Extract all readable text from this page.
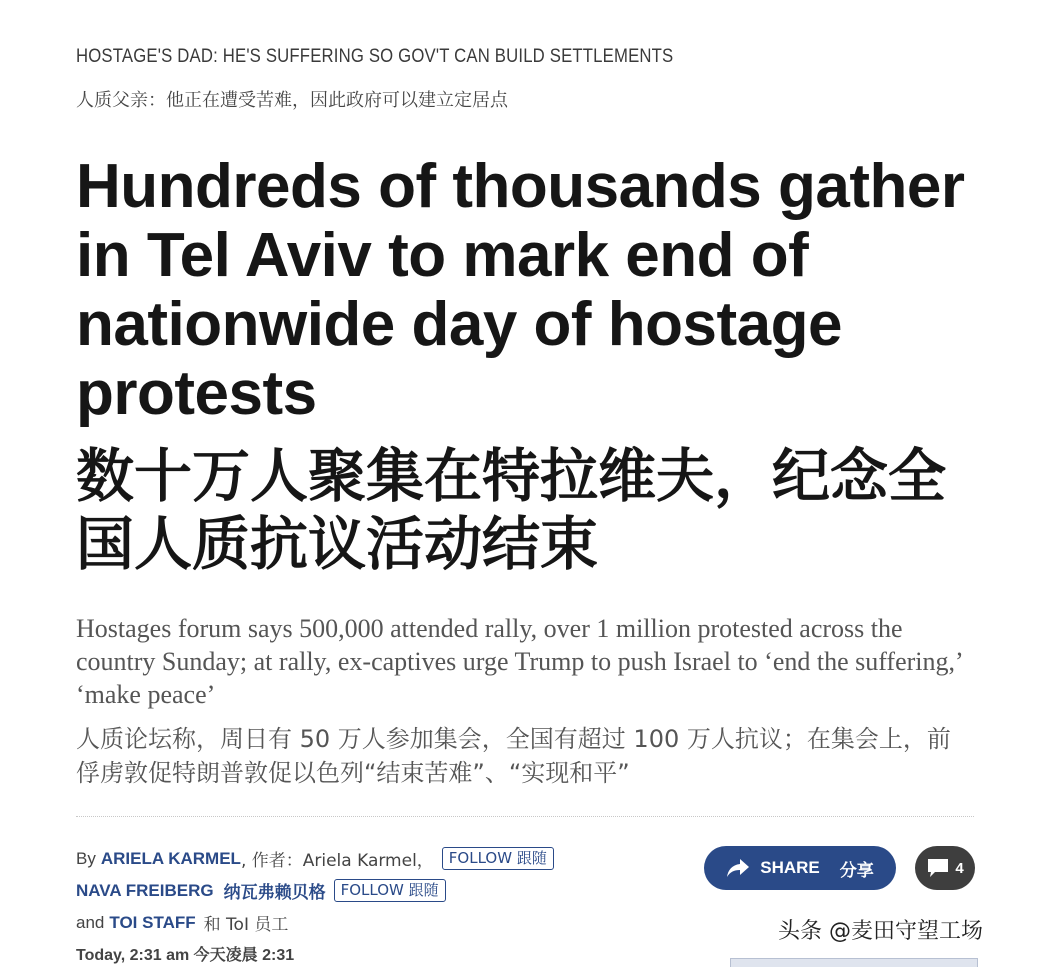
HOSTAGE'S DAD: HE'S SUFFERING SO GOV'T CAN BUILD SETTLEMENTS
人质父亲：他正在遭受苦难，因此政府可以建立定居点
Hundreds of thousands gather in Tel Aviv to mark end of nationwide day of hostage protests
数十万人聚集在特拉维夫，纪念全国人质抗议活动结束

Hostages forum says 500,000 attended rally, over 1 million protested across the country Sunday; at rally, ex-captives urge Trump to push Israel to ‘end the suffering,’ ‘make peace’

人质论坛称，周日有 50 万人参加集会，全国有超过 100 万人抗议；在集会上，前俘虏敦促特朗普敦促以色列“结束苦难”、“实现和平”

By ARIELA KARMEL , 作者：Ariela Karmel，	FOLLOW 跟随
NAVA FREIBERG 纳瓦弗赖贝格	FOLLOW 跟随
and TOI STAFF 和 ToI 员工
Today, 2:31 am 今天凌晨 2:31
SHARE 分享	4
头条 @麦田守望工场
